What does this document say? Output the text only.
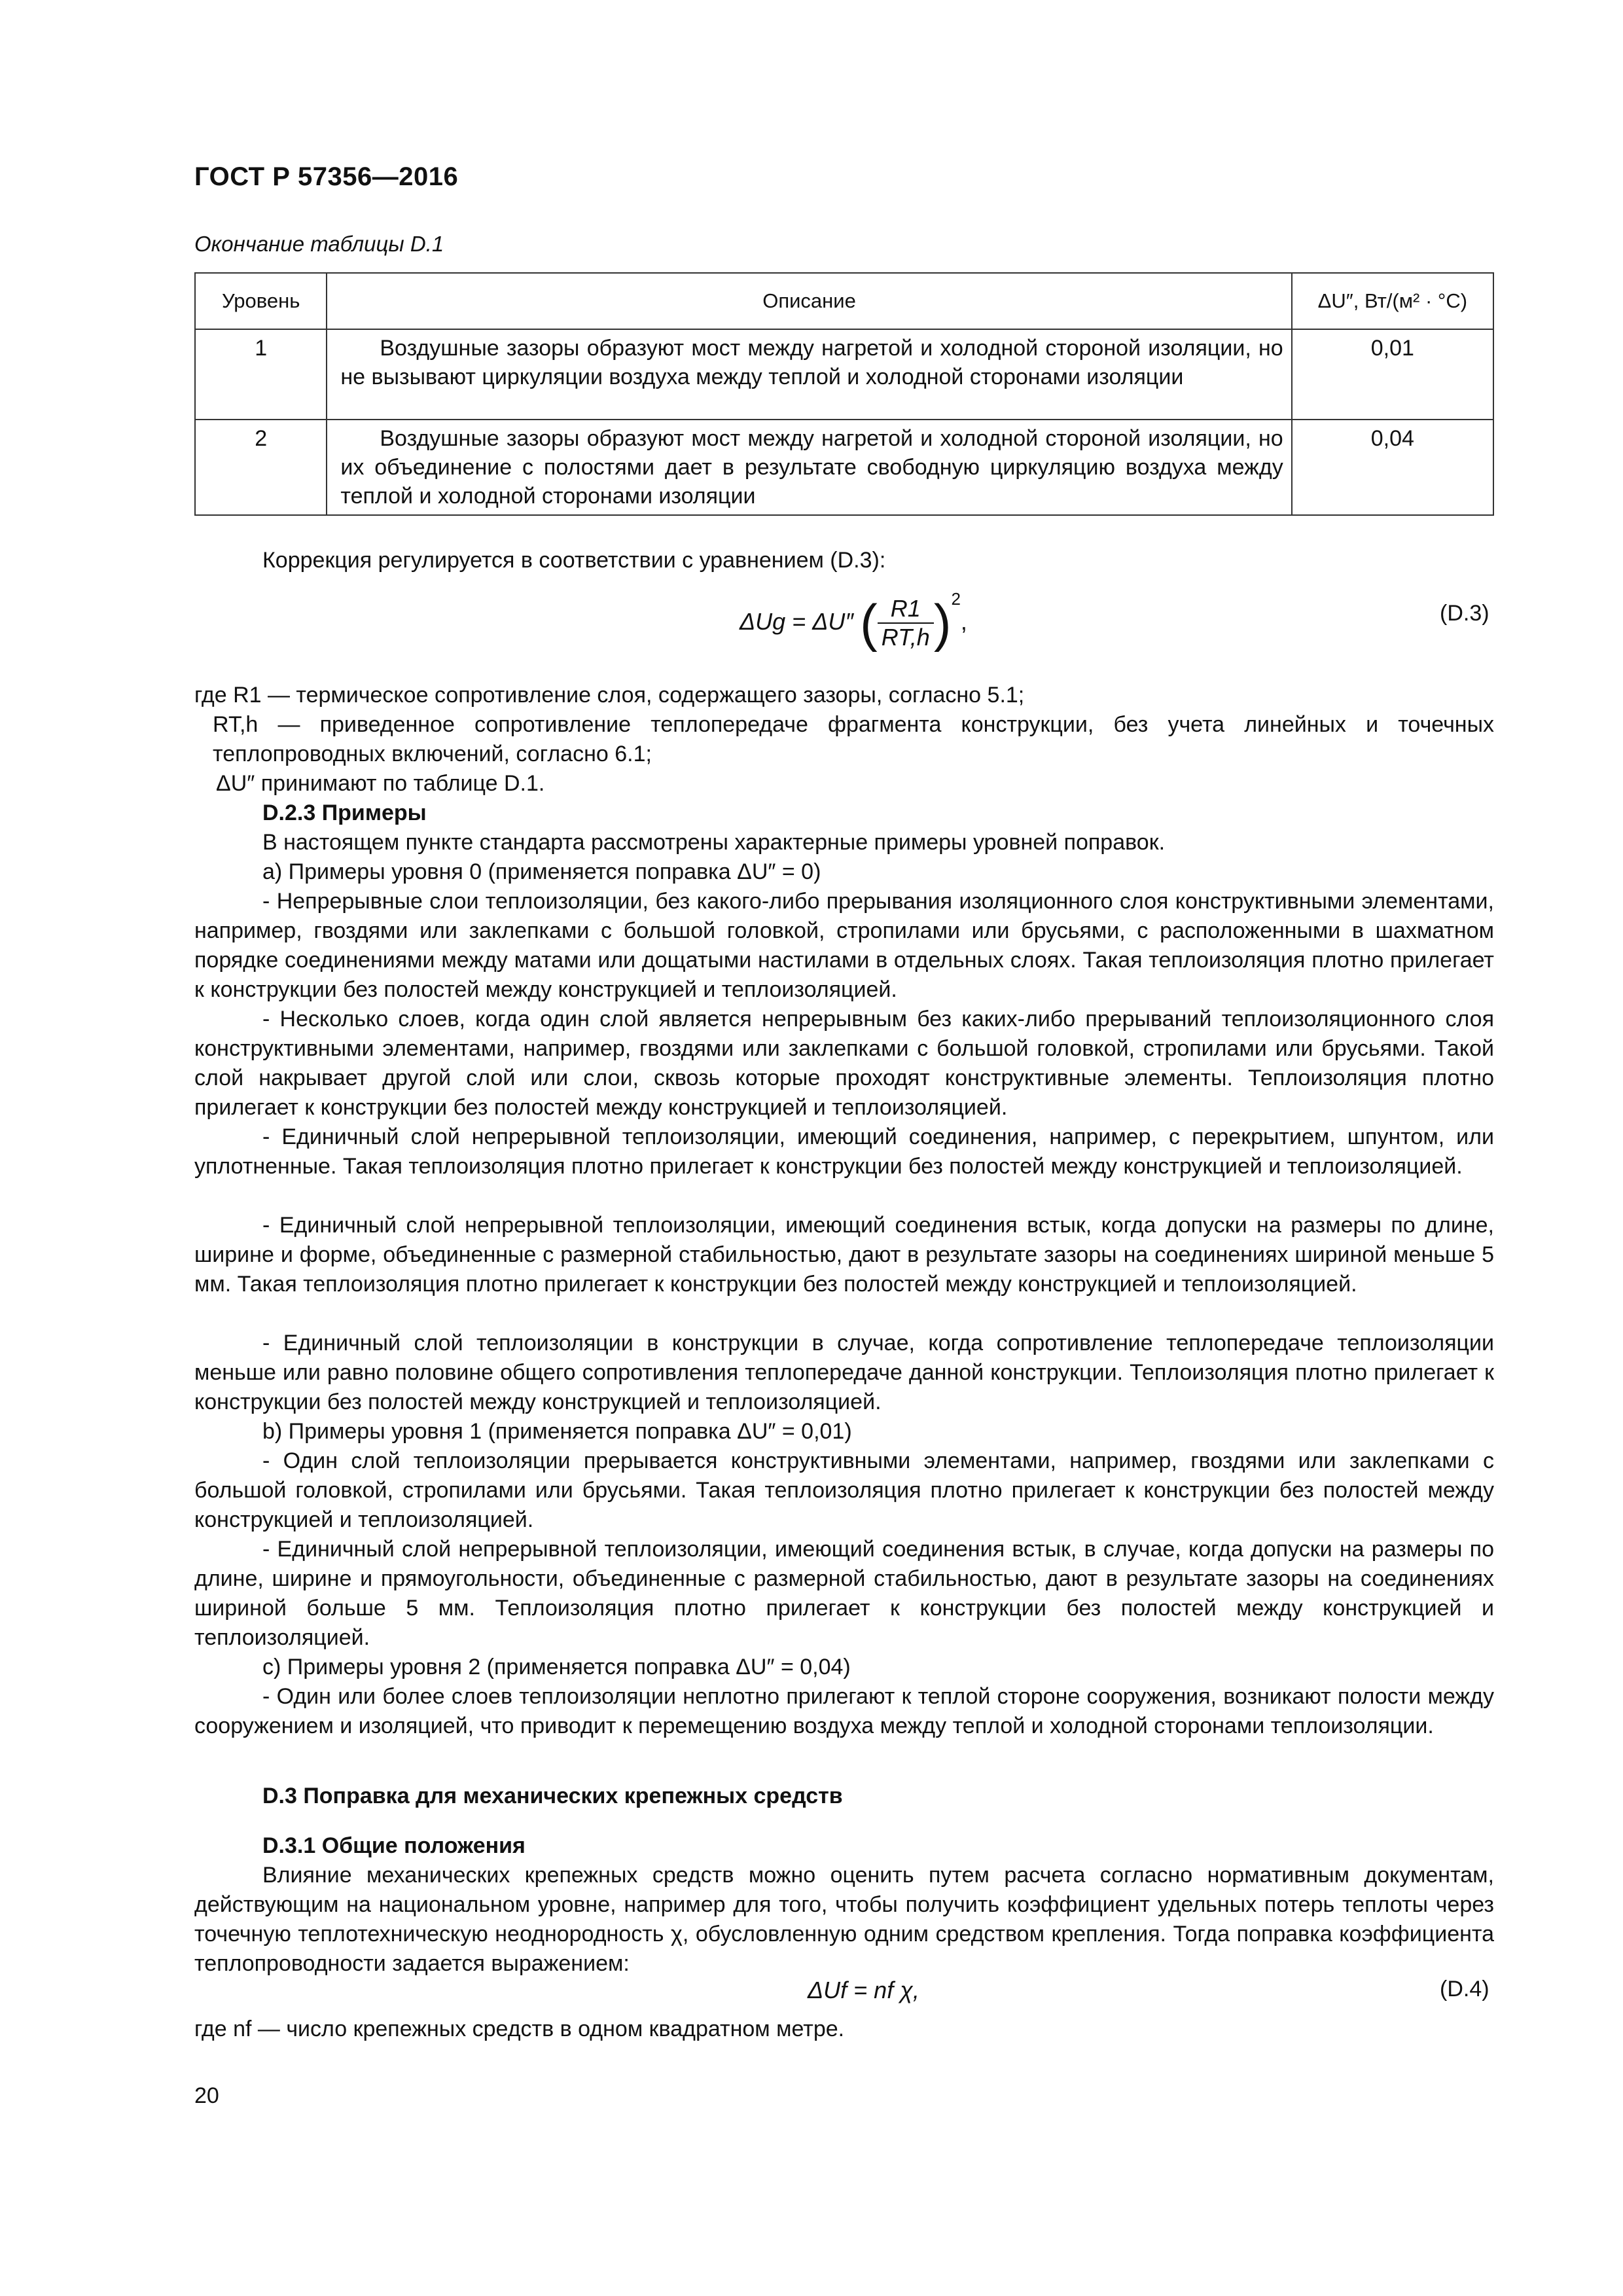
ГОСТ Р 57356—2016
Окончание таблицы D.1
Уровень	Описание	ΔU″, Вт/(м² · °С)
1	Воздушные зазоры образуют мост между нагретой и холодной стороной изоляции, но не вызывают циркуляции воздуха между теплой и холодной сторонами изоляции	0,01
2	Воздушные зазоры образуют мост между нагретой и холодной стороной изоляции, но их объединение с полостями дает в результате свободную циркуляцию воздуха между теплой и холодной сторонами изоляции	0,04
Коррекция регулируется в соответствии с уравнением (D.3):
ΔUg = ΔU″ ( $\frac{R1}{RT,h} )^2$,	(D.3)
где R1 — термическое сопротивление слоя, содержащего зазоры, согласно 5.1;
RT,h — приведенное сопротивление теплопередаче фрагмента конструкции, без учета линейных и точечных теплопроводных включений, согласно 6.1;
ΔU″ принимают по таблице D.1.
D.2.3 Примеры
В настоящем пункте стандарта рассмотрены характерные примеры уровней поправок.
a) Примеры уровня 0 (применяется поправка ΔU″ = 0)
- Непрерывные слои теплоизоляции, без какого-либо прерывания изоляционного слоя конструктивными элементами, например, гвоздями или заклепками с большой головкой, стропилами или брусьями, с расположенными в шахматном порядке соединениями между матами или дощатыми настилами в отдельных слоях. Такая теплоизоляция плотно прилегает к конструкции без полостей между конструкцией и теплоизоляцией.
- Несколько слоев, когда один слой является непрерывным без каких-либо прерываний теплоизоляционного слоя конструктивными элементами, например, гвоздями или заклепками с большой головкой, стропилами или брусьями. Такой слой накрывает другой слой или слои, сквозь которые проходят конструктивные элементы. Теплоизоляция плотно прилегает к конструкции без полостей между конструкцией и теплоизоляцией.
- Единичный слой непрерывной теплоизоляции, имеющий соединения, например, с перекрытием, шпунтом, или уплотненные. Такая теплоизоляция плотно прилегает к конструкции без полостей между конструкцией и теплоизоляцией.
- Единичный слой непрерывной теплоизоляции, имеющий соединения встык, когда допуски на размеры по длине, ширине и форме, объединенные с размерной стабильностью, дают в результате зазоры на соединениях шириной меньше 5 мм. Такая теплоизоляция плотно прилегает к конструкции без полостей между конструкцией и теплоизоляцией.
- Единичный слой теплоизоляции в конструкции в случае, когда сопротивление теплопередаче теплоизоляции меньше или равно половине общего сопротивления теплопередаче данной конструкции. Теплоизоляция плотно прилегает к конструкции без полостей между конструкцией и теплоизоляцией.
b) Примеры уровня 1 (применяется поправка ΔU″ = 0,01)
- Один слой теплоизоляции прерывается конструктивными элементами, например, гвоздями или заклепками с большой головкой, стропилами или брусьями. Такая теплоизоляция плотно прилегает к конструкции без полостей между конструкцией и теплоизоляцией.
- Единичный слой непрерывной теплоизоляции, имеющий соединения встык, в случае, когда допуски на размеры по длине, ширине и прямоугольности, объединенные с размерной стабильностью, дают в результате зазоры на соединениях шириной больше 5 мм. Теплоизоляция плотно прилегает к конструкции без полостей между конструкцией и теплоизоляцией.
c) Примеры уровня 2 (применяется поправка ΔU″ = 0,04)
- Один или более слоев теплоизоляции неплотно прилегают к теплой стороне сооружения, возникают полости между сооружением и изоляцией, что приводит к перемещению воздуха между теплой и холодной сторонами теплоизоляции.
D.3 Поправка для механических крепежных средств
D.3.1 Общие положения
Влияние механических крепежных средств можно оценить путем расчета согласно нормативным документам, действующим на национальном уровне, например для того, чтобы получить коэффициент удельных потерь теплоты через точечную теплотехническую неоднородность χ, обусловленную одним средством крепления. Тогда поправка коэффициента теплопроводности задается выражением:
ΔUf = nf χ,	(D.4)
где nf — число крепежных средств в одном квадратном метре.
20
